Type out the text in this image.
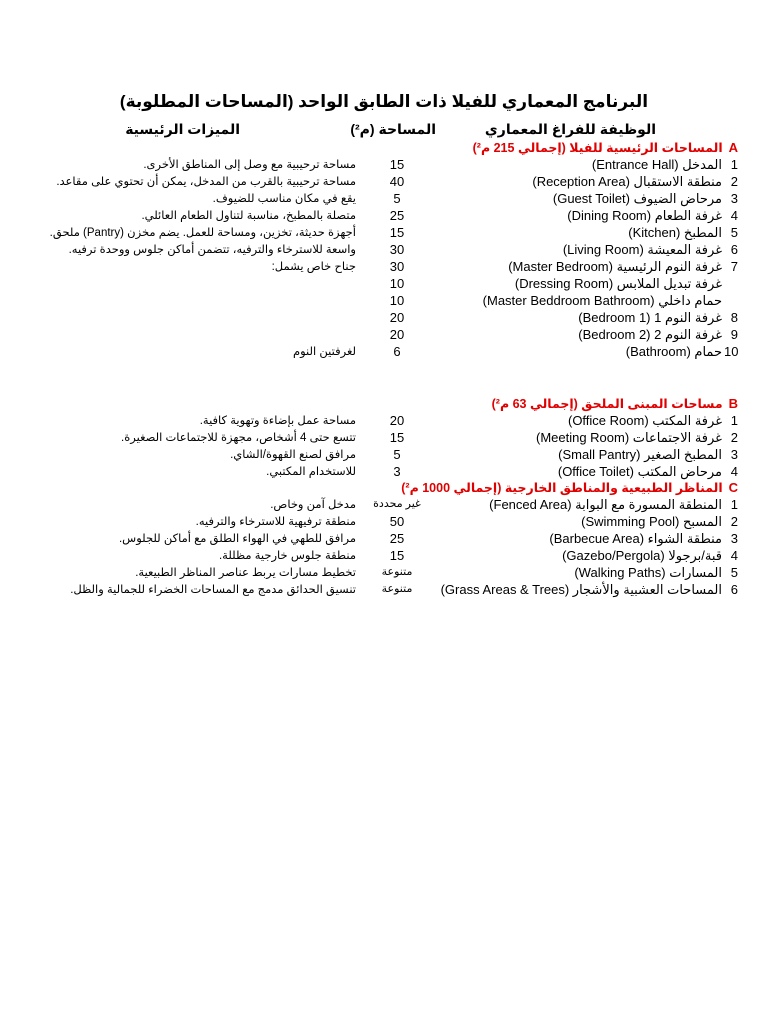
البرنامج المعماري للفيلا ذات الطابق الواحد (المساحات المطلوبة)
الوظيفة للفراغ المعماري
المساحة (م²)
الميزات الرئيسية
Aالمساحات الرئيسية للفيلا (إجمالي 215 م²)
1
المدخل (Entrance Hall)
15
مساحة ترحيبية مع وصل إلى المناطق الأخرى.
2
منطقة الاستقبال (Reception Area)
40
مساحة ترحيبية بالقرب من المدخل، يمكن أن تحتوي على مقاعد.
3
مرحاض الضيوف (Guest Toilet)
5
يقع في مكان مناسب للضيوف.
4
غرفة الطعام (Dining Room)
25
متصلة بالمطبخ، مناسبة لتناول الطعام العائلي.
5
المطبخ (Kitchen)
15
أجهزة حديثة، تخزين، ومساحة للعمل. يضم مخزن (Pantry) ملحق.
6
غرفة المعيشة (Living Room)
30
واسعة للاسترخاء والترفيه، تتضمن أماكن جلوس ووحدة ترفيه.
7
غرفة النوم الرئيسية (Master Bedroom)
30
جناح خاص يشمل:
غرفة تبديل الملابس (Dressing Room)
10
حمام داخلي (Master Beddroom Bathroom)
10
8
غرفة النوم 1 (Bedroom 1)
20
9
غرفة النوم 2 (Bedroom 2)
20
10
حمام (Bathroom)
6
لغرفتين النوم
Bمساحات المبنى الملحق (إجمالي 63 م²)
1
غرفة المكتب (Office Room)
20
مساحة عمل بإضاءة وتهوية كافية.
2
غرفة الاجتماعات (Meeting Room)
15
تتسع حتى 4 أشخاص، مجهزة للاجتماعات الصغيرة.
3
المطبخ الصغير (Small Pantry)
5
مرافق لصنع القهوة/الشاي.
4
مرحاض المكتب (Office Toilet)
3
للاستخدام المكتبي.
Cالمناظر الطبيعية والمناطق الخارجية (إجمالي 1000 م²)
1
المنطقة المسورة مع البوابة (Fenced Area)
غير محددة
مدخل آمن وخاص.
2
المسبح (Swimming Pool)
50
منطقة ترفيهية للاسترخاء والترفيه.
3
منطقة الشواء (Barbecue Area)
25
مرافق للطهي في الهواء الطلق مع أماكن للجلوس.
4
قبة/برجولا (Gazebo/Pergola)
15
منطقة جلوس خارجية مظللة.
5
المسارات (Walking Paths)
متنوعة
تخطيط مسارات يربط عناصر المناظر الطبيعية.
6
المساحات العشبية والأشجار (Grass Areas & Trees)
متنوعة
تنسيق الحدائق مدمج مع المساحات الخضراء للجمالية والظل.
